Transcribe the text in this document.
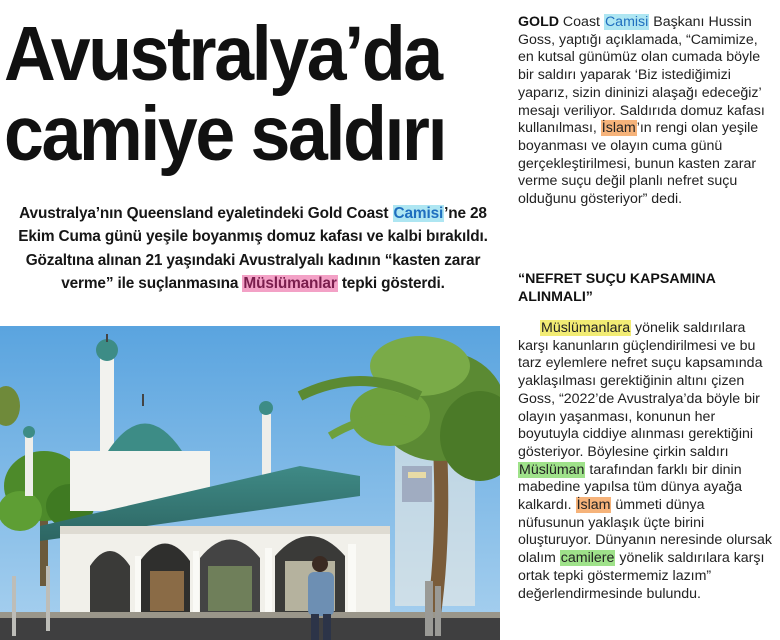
Avustralya’da
camiye saldırı

Avustralya’nın Queensland eyaletindeki Gold Coast Camisi’ne 28 Ekim Cuma günü yeşile boyanmış domuz kafası ve kalbi bırakıldı. Gözaltına alınan 21 yaşındaki Avustralyalı kadının “kasten zarar verme” ile suçlanmasına Müslümanlar tepki gösterdi.

GOLD Coast Camisi Başkanı Hussin Goss, yaptığı açıklamada, “Camimize, en kutsal günümüz olan cumada böyle bir saldırı yaparak ‘Biz istediğimizi yaparız, sizin dininizi alaşağı edeceğiz’ mesajı veriliyor. Saldırıda domuz kafası kullanılması, İslam’ın rengi olan yeşile boyanması ve olayın cuma günü gerçekleştirilmesi, bunun kasten zarar verme suçu değil planlı nefret suçu olduğunu gösteriyor” dedi.

“NEFRET SUÇU KAPSAMINA ALINMALI”

Müslümanlara yönelik saldırılara karşı kanunların güçlendirilmesi ve bu tarz eylemlere nefret suçu kapsamında yaklaşılması gerektiğinin altını çizen Goss, “2022’de Avustralya’da böyle bir olayın yaşanması, konunun her boyutuyla ciddiye alınması gerektiğini gösteriyor. Böylesine çirkin saldırı Müslüman tarafından farklı bir dinin mabedine yapılsa tüm dünya ayağa kalkardı. İslam ümmeti dünya nüfusunun yaklaşık üçte birini oluşturuyor. Dünyanın neresinde olursak olalım camilere yönelik saldırılara karşı ortak tepki göstermemiz lazım” değerlendirmesinde bulundu.
